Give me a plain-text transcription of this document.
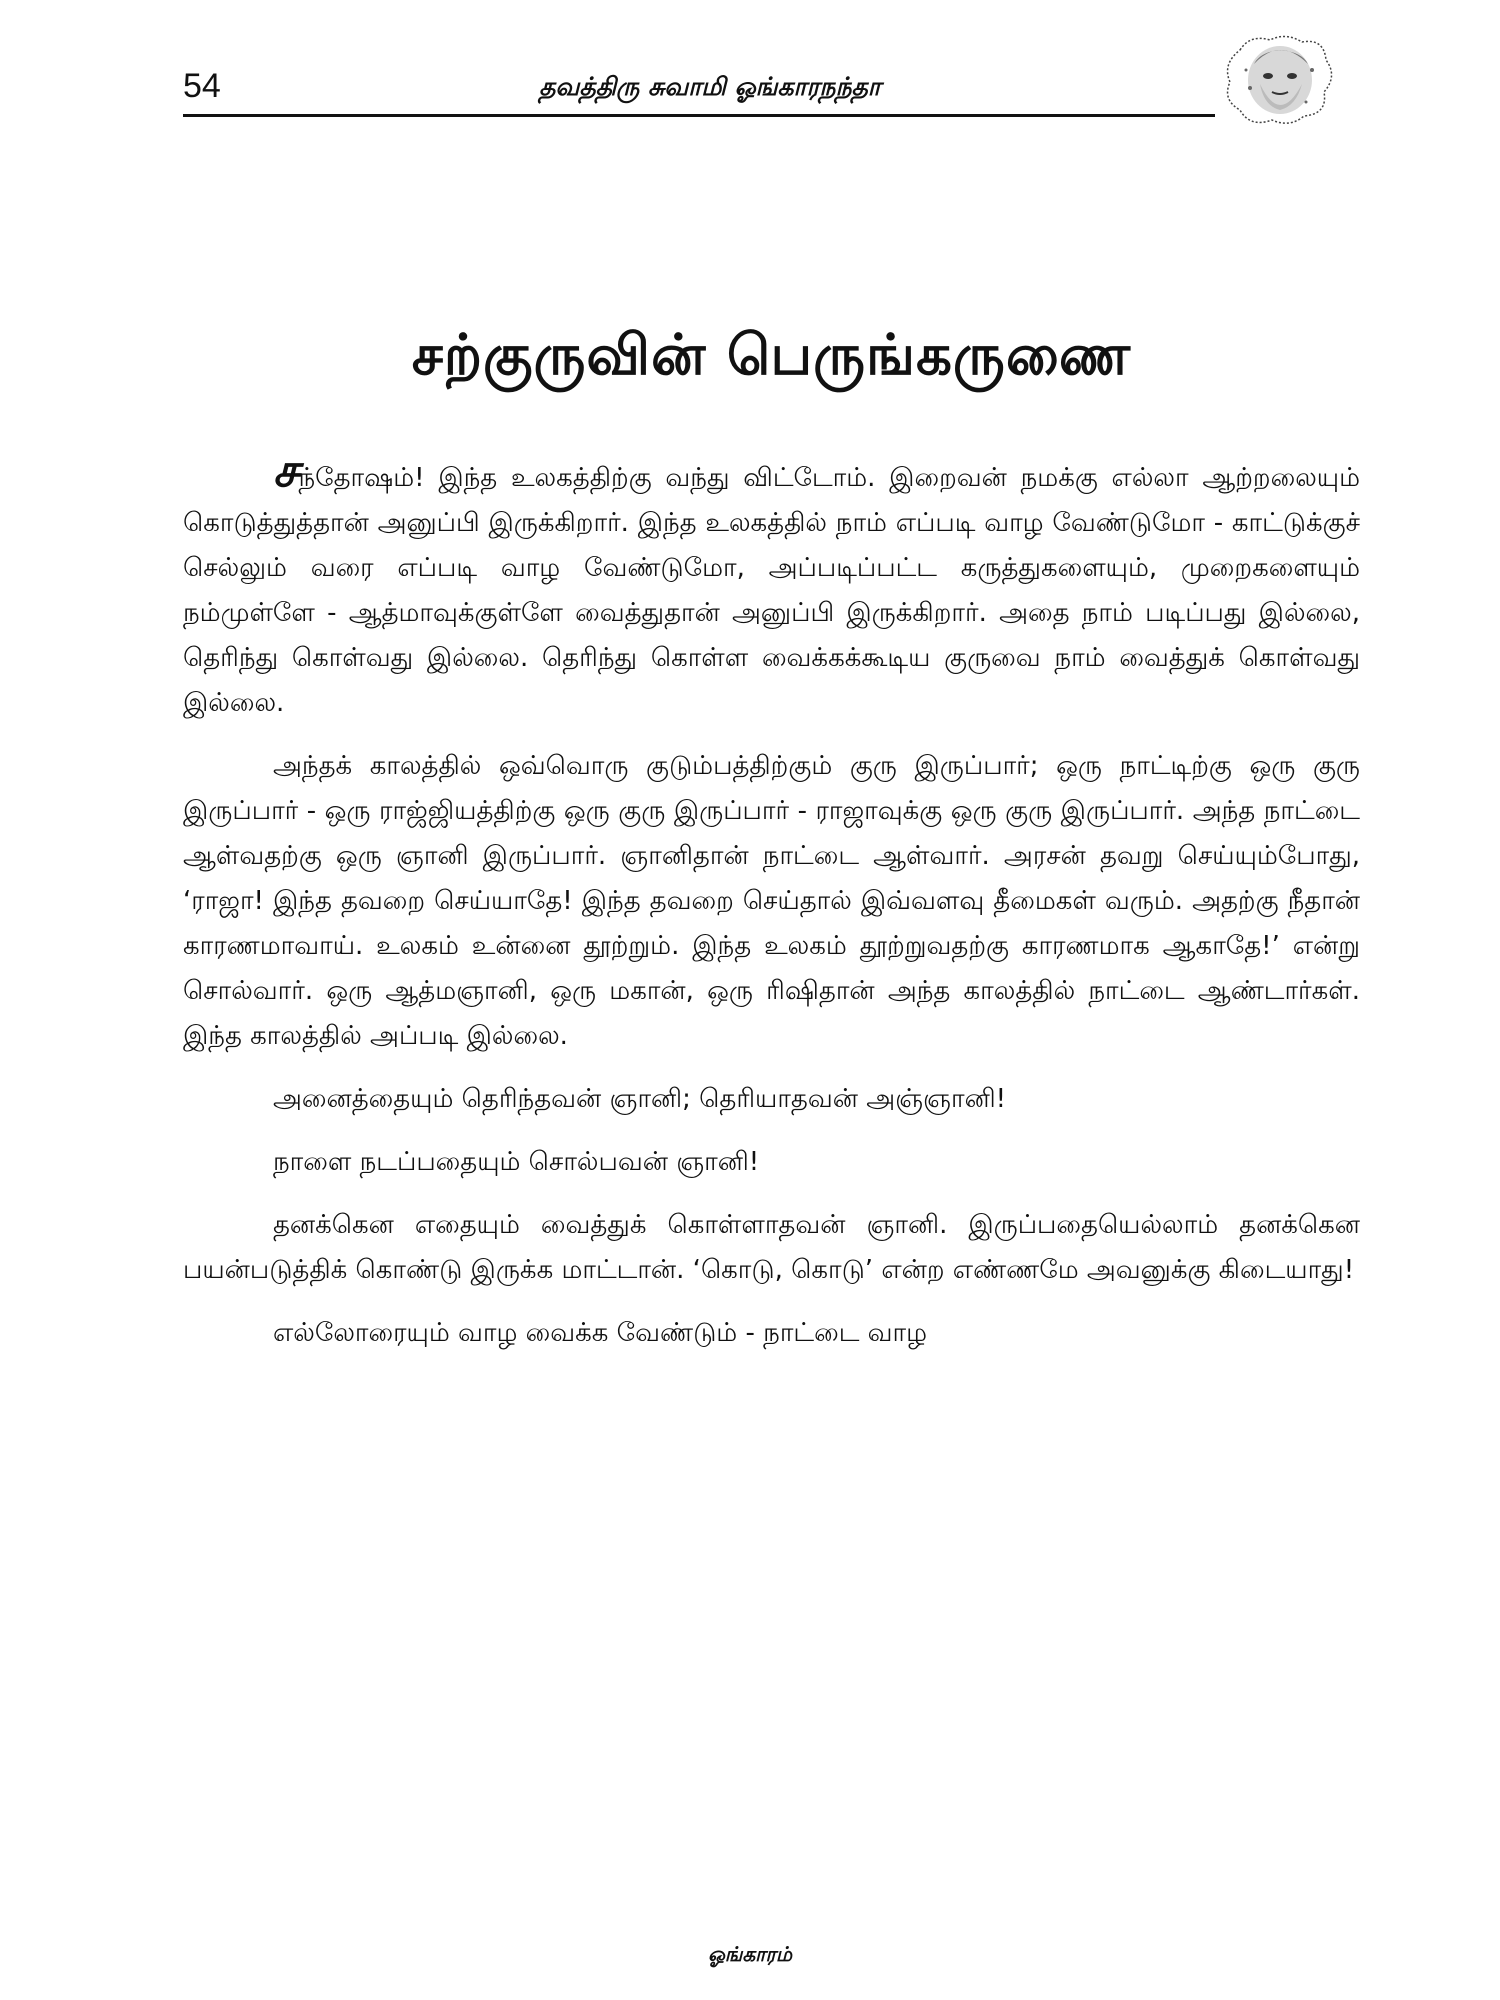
54	தவத்திரு சுவாமி ஓங்காரநந்தா
சற்குருவின் பெருங்கருணை

சந்தோஷம்! இந்த உலகத்திற்கு வந்து விட்டோம். இறைவன் நமக்கு எல்லா ஆற்றலையும் கொடுத்துத்தான் அனுப்பி இருக்கிறார். இந்த உலகத்தில் நாம் எப்படி வாழ வேண்டுமோ - காட்டுக்குச் செல்லும் வரை எப்படி வாழ வேண்டுமோ, அப்படிப்பட்ட கருத்துகளையும், முறைகளையும் நம்முள்ளே - ஆத்மாவுக்குள்ளே வைத்துதான் அனுப்பி இருக்கிறார். அதை நாம் படிப்பது இல்லை, தெரிந்து கொள்வது இல்லை. தெரிந்து கொள்ள வைக்கக்கூடிய குருவை நாம் வைத்துக் கொள்வது இல்லை.

அந்தக் காலத்தில் ஒவ்வொரு குடும்பத்திற்கும் குரு இருப்பார்; ஒரு நாட்டிற்கு ஒரு குரு இருப்பார் - ஒரு ராஜ்ஜியத்திற்கு ஒரு குரு இருப்பார் - ராஜாவுக்கு ஒரு குரு இருப்பார். அந்த நாட்டை ஆள்வதற்கு ஒரு ஞானி இருப்பார். ஞானிதான் நாட்டை ஆள்வார். அரசன் தவறு செய்யும்போது, ‘ராஜா! இந்த தவறை செய்யாதே! இந்த தவறை செய்தால் இவ்வளவு தீமைகள் வரும். அதற்கு நீதான் காரணமாவாய். உலகம் உன்னை தூற்றும். இந்த உலகம் தூற்றுவதற்கு காரணமாக ஆகாதே!’ என்று சொல்வார். ஒரு ஆத்மஞானி, ஒரு மகான், ஒரு ரிஷிதான் அந்த காலத்தில் நாட்டை ஆண்டார்கள். இந்த காலத்தில் அப்படி இல்லை.

அனைத்தையும் தெரிந்தவன் ஞானி; தெரியாதவன் அஞ்ஞானி!

நாளை நடப்பதையும் சொல்பவன் ஞானி!

தனக்கென எதையும் வைத்துக் கொள்ளாதவன் ஞானி. இருப்பதையெல்லாம் தனக்கென பயன்படுத்திக் கொண்டு இருக்க மாட்டான். ‘கொடு, கொடு’ என்ற எண்ணமே அவனுக்கு கிடையாது!

எல்லோரையும் வாழ வைக்க வேண்டும் - நாட்டை வாழ

ஓங்காரம்
